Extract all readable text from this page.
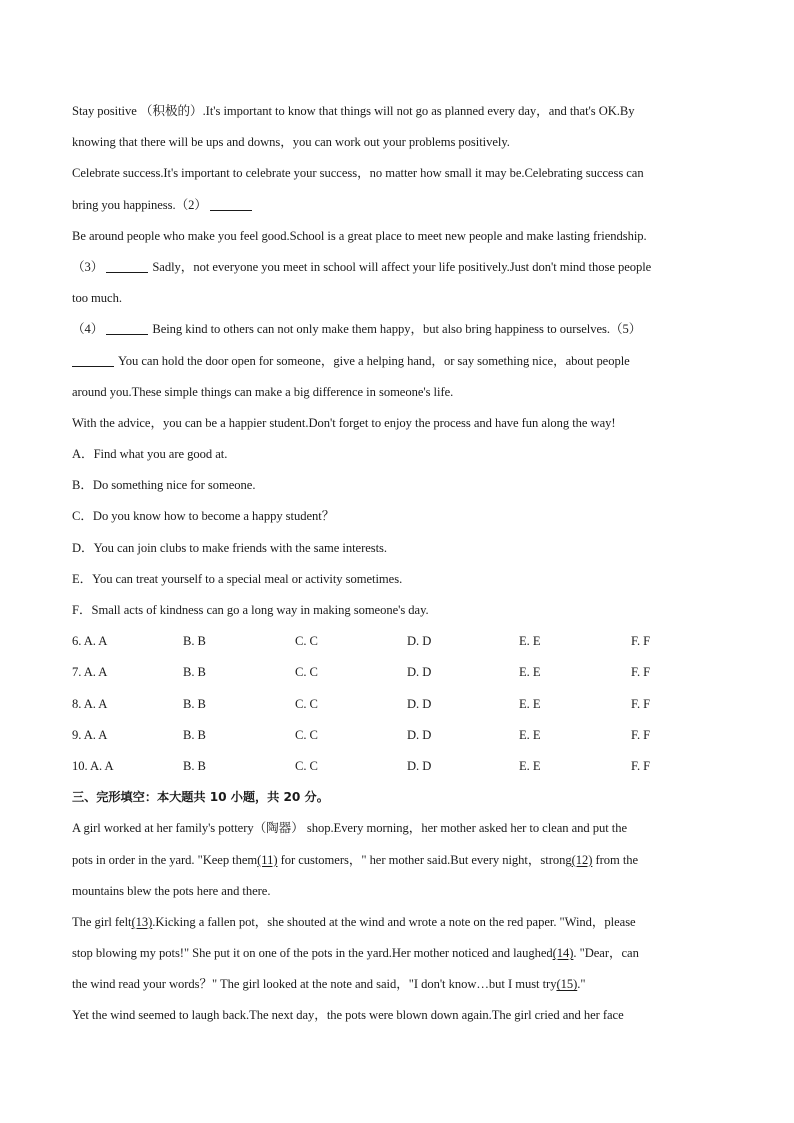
Stay positive （积极的）.It's important to know that things will not go as planned every day，and that's OK.By
knowing that there will be ups and downs，you can work out your problems positively.
Celebrate success.It's important to celebrate your success，no matter how small it may be.Celebrating success can
bring you happiness.（2）
Be around people who make you feel good.School is a great place to meet new people and make lasting friendship.
（3）	Sadly，not everyone you meet in school will affect your life positively.Just don't mind those people
too much.
（4）	Being kind to others can not only make them happy，but also bring happiness to ourselves.（5）
You can hold the door open for someone，give a helping hand，or say something nice，about people
around you.These simple things can make a big difference in someone's life.
With the advice，you can be a happier student.Don't forget to enjoy the process and have fun along the way!
A．Find what you are good at.
B．Do something nice for someone.
C．Do you know how to become a happy student？
D．You can join clubs to make friends with the same interests.
E．You can treat yourself to a special meal or activity sometimes.
F．Small acts of kindness can go a long way in making someone's day.
6. A. A	B. B	C. C	D. D	E. E	F. F
7. A. A	B. B	C. C	D. D	E. E	F. F
8. A. A	B. B	C. C	D. D	E. E	F. F
9. A. A	B. B	C. C	D. D	E. E	F. F
10. A. A	B. B	C. C	D. D	E. E	F. F
三、完形填空：本大题共 10 小题，共 20 分。
A girl worked at her family's pottery（陶器） shop.Every morning，her mother asked her to clean and put the
pots in order in the yard. "Keep them(11) for customers，" her mother said.But every night，strong(12) from the
mountains blew the pots here and there.
The girl felt(13).Kicking a fallen pot，she shouted at the wind and wrote a note on the red paper. "Wind，please
stop blowing my pots!" She put it on one of the pots in the yard.Her mother noticed and laughed(14). "Dear，can
the wind read your words？" The girl looked at the note and said，"I don't know…but I must try(15)."
Yet the wind seemed to laugh back.The next day，the pots were blown down again.The girl cried and her face
